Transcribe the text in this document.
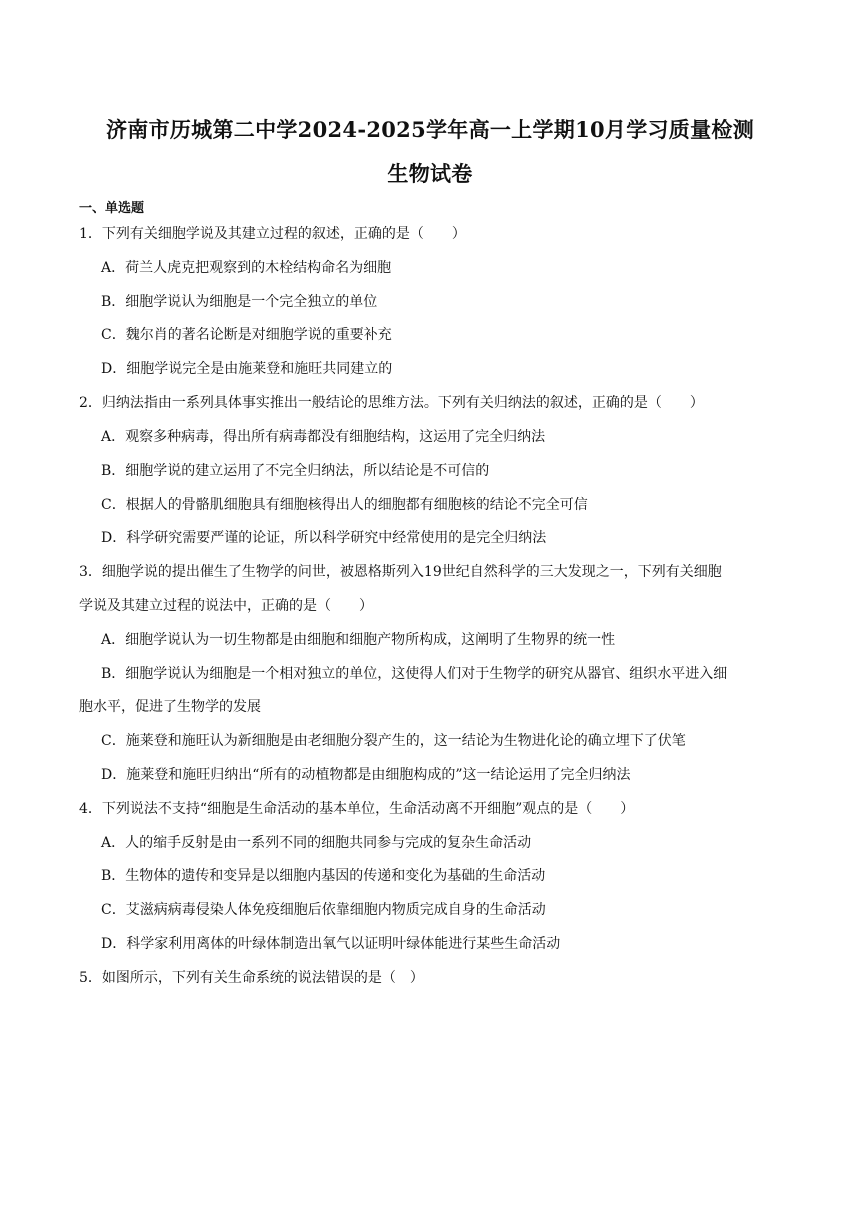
济南市历城第二中学2024-2025学年高一上学期10月学习质量检测
生物试卷
一、单选题
1．下列有关细胞学说及其建立过程的叙述，正确的是（　　）
A．荷兰人虎克把观察到的木栓结构命名为细胞
B．细胞学说认为细胞是一个完全独立的单位
C．魏尔肖的著名论断是对细胞学说的重要补充
D．细胞学说完全是由施莱登和施旺共同建立的
2．归纳法指由一系列具体事实推出一般结论的思维方法。下列有关归纳法的叙述，正确的是（　　）
A．观察多种病毒，得出所有病毒都没有细胞结构，这运用了完全归纳法
B．细胞学说的建立运用了不完全归纳法，所以结论是不可信的
C．根据人的骨骼肌细胞具有细胞核得出人的细胞都有细胞核的结论不完全可信
D．科学研究需要严谨的论证，所以科学研究中经常使用的是完全归纳法
3．细胞学说的提出催生了生物学的问世，被恩格斯列入19世纪自然科学的三大发现之一，下列有关细胞
学说及其建立过程的说法中，正确的是（　　）
A．细胞学说认为一切生物都是由细胞和细胞产物所构成，这阐明了生物界的统一性
B．细胞学说认为细胞是一个相对独立的单位，这使得人们对于生物学的研究从器官、组织水平进入细
胞水平，促进了生物学的发展
C．施莱登和施旺认为新细胞是由老细胞分裂产生的，这一结论为生物进化论的确立埋下了伏笔
D．施莱登和施旺归纳出“所有的动植物都是由细胞构成的”这一结论运用了完全归纳法
4．下列说法不支持“细胞是生命活动的基本单位，生命活动离不开细胞”观点的是（　　）
A．人的缩手反射是由一系列不同的细胞共同参与完成的复杂生命活动
B．生物体的遗传和变异是以细胞内基因的传递和变化为基础的生命活动
C．艾滋病病毒侵染人体免疫细胞后依靠细胞内物质完成自身的生命活动
D．科学家利用离体的叶绿体制造出氧气以证明叶绿体能进行某些生命活动
5．如图所示，下列有关生命系统的说法错误的是（　）
